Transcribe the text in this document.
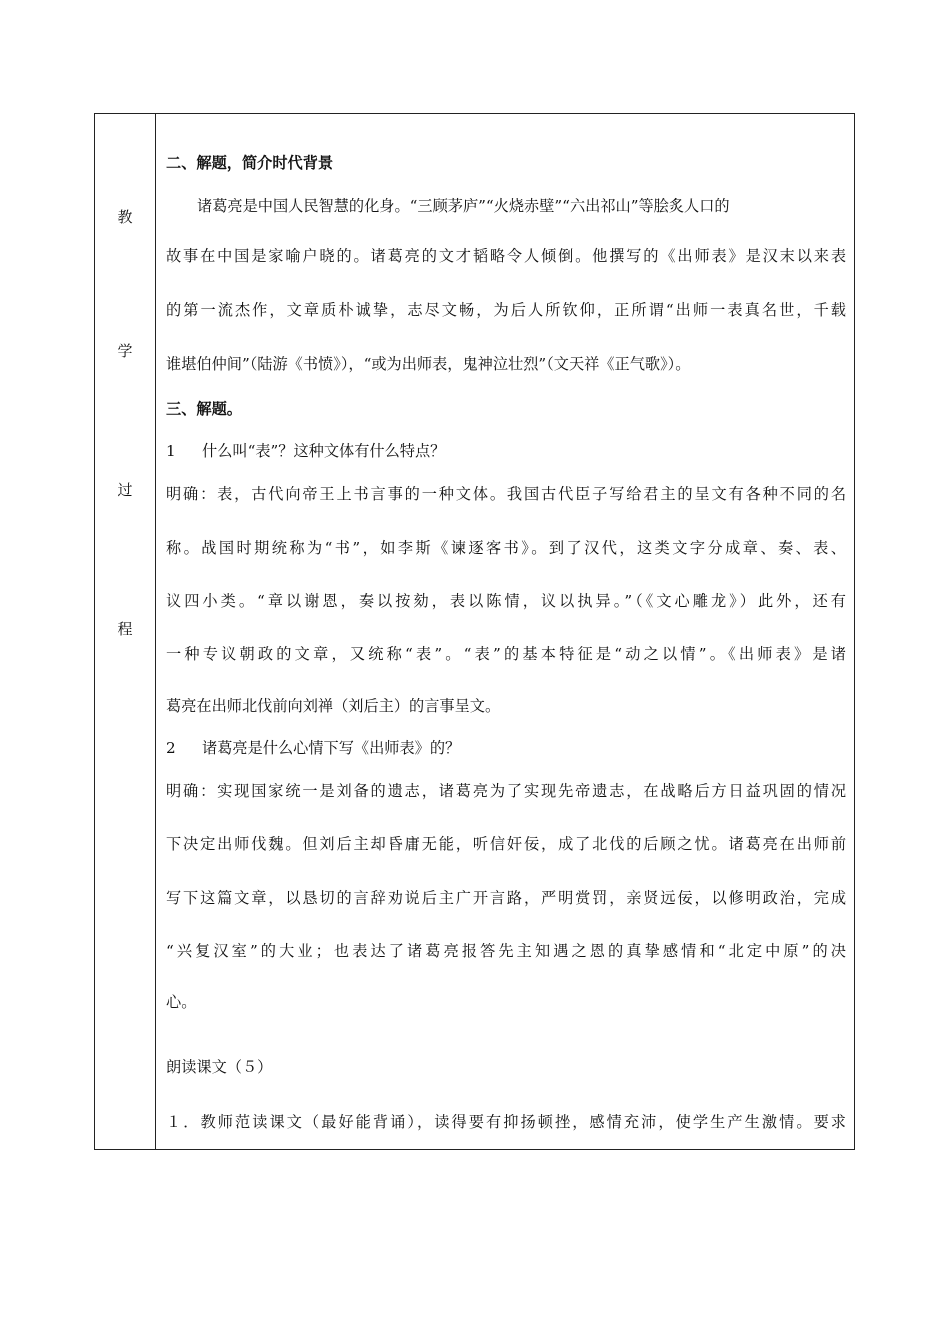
教
学
过
程
二、解题，简介时代背景
诸葛亮是中国人民智慧的化身。“三顾茅庐”“火烧赤壁”“六出祁山”等脍炙人口的
故事在中国是家喻户晓的。诸葛亮的文才韬略令人倾倒。他撰写的《出师表》是汉末以来表
的第一流杰作，文章质朴诚挚，志尽文畅，为后人所钦仰，正所谓“出师一表真名世，千载
谁堪伯仲间”（陆游《书愤》），“或为出师表，鬼神泣壮烈”（文天祥《正气歌》）。
三、解题。
1	什么叫“表”？这种文体有什么特点？
明确：表，古代向帝王上书言事的一种文体。我国古代臣子写给君主的呈文有各种不同的名
称。战国时期统称为“书”，如李斯《谏逐客书》。到了汉代，这类文字分成章、奏、表、
议四小类。“章以谢恩，奏以按劾，表以陈情，议以执异。”（《文心雕龙》）此外，还有
一种专议朝政的文章，又统称“表”。“表”的基本特征是“动之以情”。《出师表》是诸
葛亮在出师北伐前向刘禅（刘后主）的言事呈文。
2	诸葛亮是什么心情下写《出师表》的？
明确：实现国家统一是刘备的遗志，诸葛亮为了实现先帝遗志，在战略后方日益巩固的情况
下决定出师伐魏。但刘后主却昏庸无能，听信奸佞，成了北伐的后顾之忧。诸葛亮在出师前
写下这篇文章，以恳切的言辞劝说后主广开言路，严明赏罚，亲贤远佞，以修明政治，完成
“兴复汉室”的大业；也表达了诸葛亮报答先主知遇之恩的真挚感情和“北定中原”的决
心。
朗读课文（５）
１．教师范读课文（最好能背诵），读得要有抑扬顿挫，感情充沛，使学生产生激情。要求
